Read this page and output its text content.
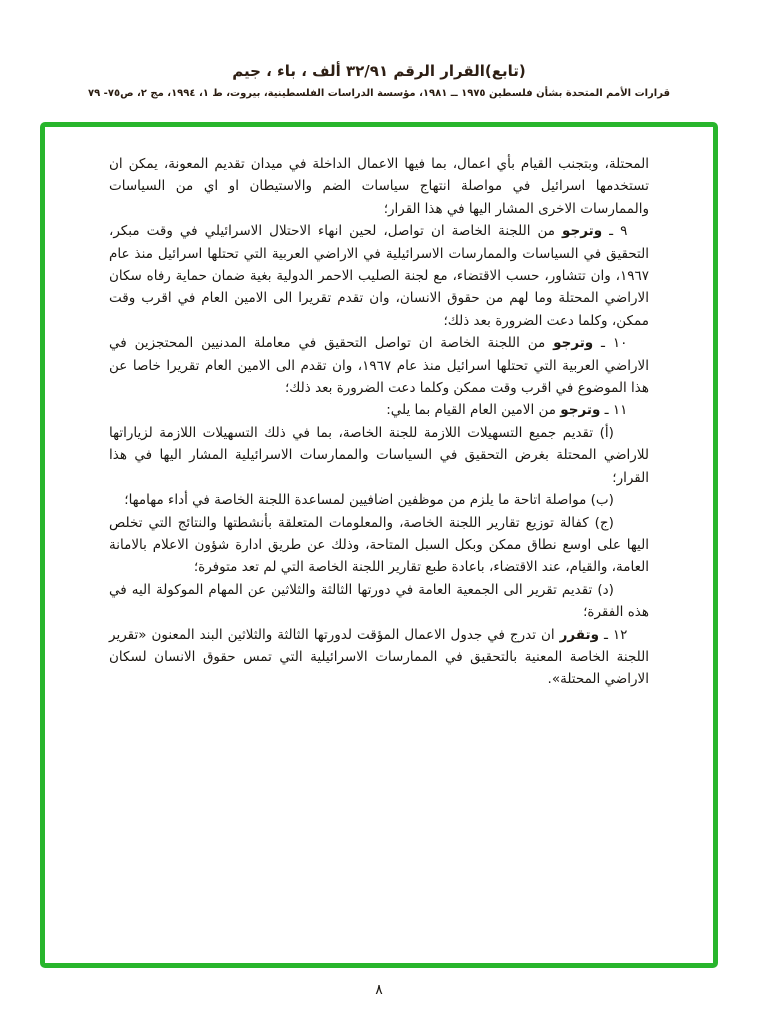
(تابع)القرار الرقم ٣٢/٩١ ألف ، باء ، جيم
قرارات الأمم المتحدة بشأن فلسطين ١٩٧٥ ــ ١٩٨١، مؤسسة الدراسات الفلسطينية، بيروت، ط ١، ١٩٩٤، مج ٢، ص٧٥- ٧٩

المحتلة، وبتجنب القيام بأي اعمال، بما فيها الاعمال الداخلة في ميدان تقديم المعونة، يمكن ان تستخدمها اسرائيل في مواصلة انتهاج سياسات الضم والاستيطان او اي من السياسات والممارسات الاخرى المشار اليها في هذا القرار؛

٩ ـ وترجو من اللجنة الخاصة ان تواصل، لحين انهاء الاحتلال الاسرائيلي في وقت مبكر، التحقيق في السياسات والممارسات الاسرائيلية في الاراضي العربية التي تحتلها اسرائيل منذ عام ١٩٦٧، وان تتشاور، حسب الاقتضاء، مع لجنة الصليب الاحمر الدولية بغية ضمان حماية رفاه سكان الاراضي المحتلة وما لهم من حقوق الانسان، وان تقدم تقريرا الى الامين العام في اقرب وقت ممكن، وكلما دعت الضرورة بعد ذلك؛

١٠ ـ وترجو من اللجنة الخاصة ان تواصل التحقيق في معاملة المدنيين المحتجزين في الاراضي العربية التي تحتلها اسرائيل منذ عام ١٩٦٧، وان تقدم الى الامين العام تقريرا خاصا عن هذا الموضوع في اقرب وقت ممكن وكلما دعت الضرورة بعد ذلك؛

١١ ـ وترجو من الامين العام القيام بما يلي:

(أ) تقديم جميع التسهيلات اللازمة للجنة الخاصة، بما في ذلك التسهيلات اللازمة لزياراتها للاراضي المحتلة بغرض التحقيق في السياسات والممارسات الاسرائيلية المشار اليها في هذا القرار؛

(ب) مواصلة اتاحة ما يلزم من موظفين اضافيين لمساعدة اللجنة الخاصة في أداء مهامها؛

(ج) كفالة توزيع تقارير اللجنة الخاصة، والمعلومات المتعلقة بأنشطتها والنتائج التي تخلص اليها على اوسع نطاق ممكن وبكل السبل المتاحة، وذلك عن طريق ادارة شؤون الاعلام بالامانة العامة، والقيام، عند الاقتضاء، باعادة طبع تقارير اللجنة الخاصة التي لم تعد متوفرة؛

(د) تقديم تقرير الى الجمعية العامة في دورتها الثالثة والثلاثين عن المهام الموكولة اليه في هذه الفقرة؛

١٢ ـ وتقرر ان تدرج في جدول الاعمال المؤقت لدورتها الثالثة والثلاثين البند المعنون «تقرير اللجنة الخاصة المعنية بالتحقيق في الممارسات الاسرائيلية التي تمس حقوق الانسان لسكان الاراضي المحتلة».

٨
